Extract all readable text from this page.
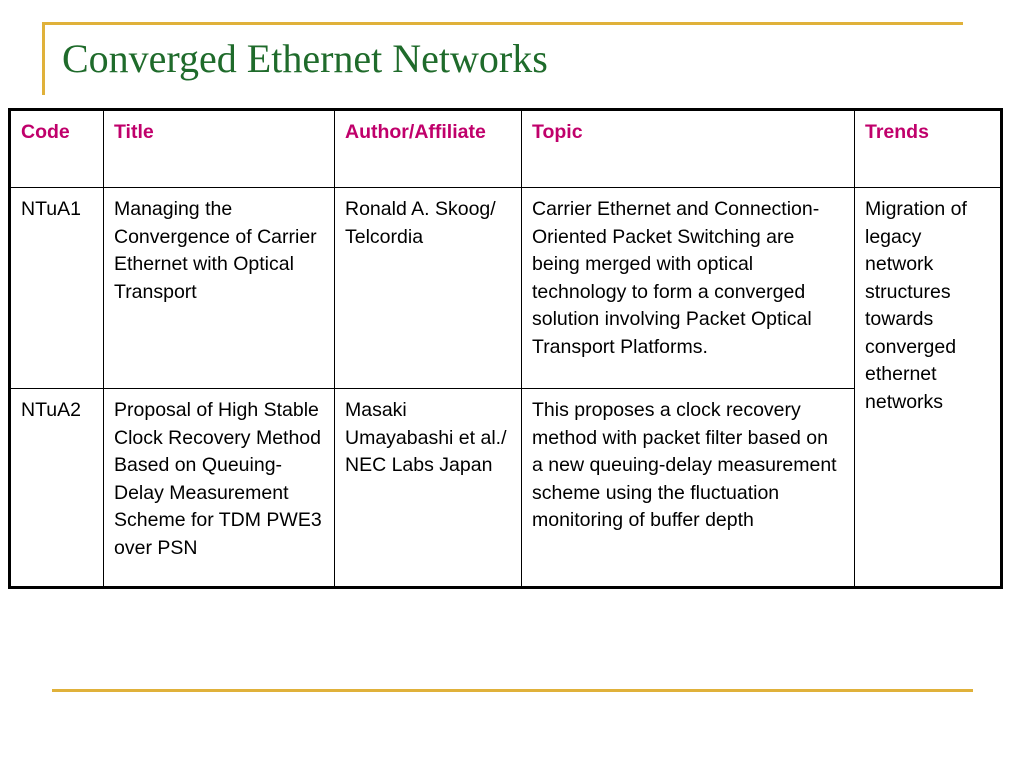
Converged Ethernet Networks
Code	Title	Author/Affiliate	Topic	Trends
NTuA1	Managing the Convergence of Carrier Ethernet with Optical Transport	Ronald A. Skoog/ Telcordia	Carrier Ethernet and Connection-Oriented Packet Switching are being merged with optical technology to form a converged solution involving Packet Optical Transport Platforms.	Migration of legacy network structures towards converged ethernet networks
NTuA2	Proposal of High Stable Clock Recovery Method Based on Queuing-Delay Measurement Scheme for TDM PWE3 over PSN	Masaki Umayabashi et al./ NEC Labs Japan	This proposes a clock recovery method with packet filter based on a new queuing-delay measurement scheme using the fluctuation monitoring of buffer depth	
